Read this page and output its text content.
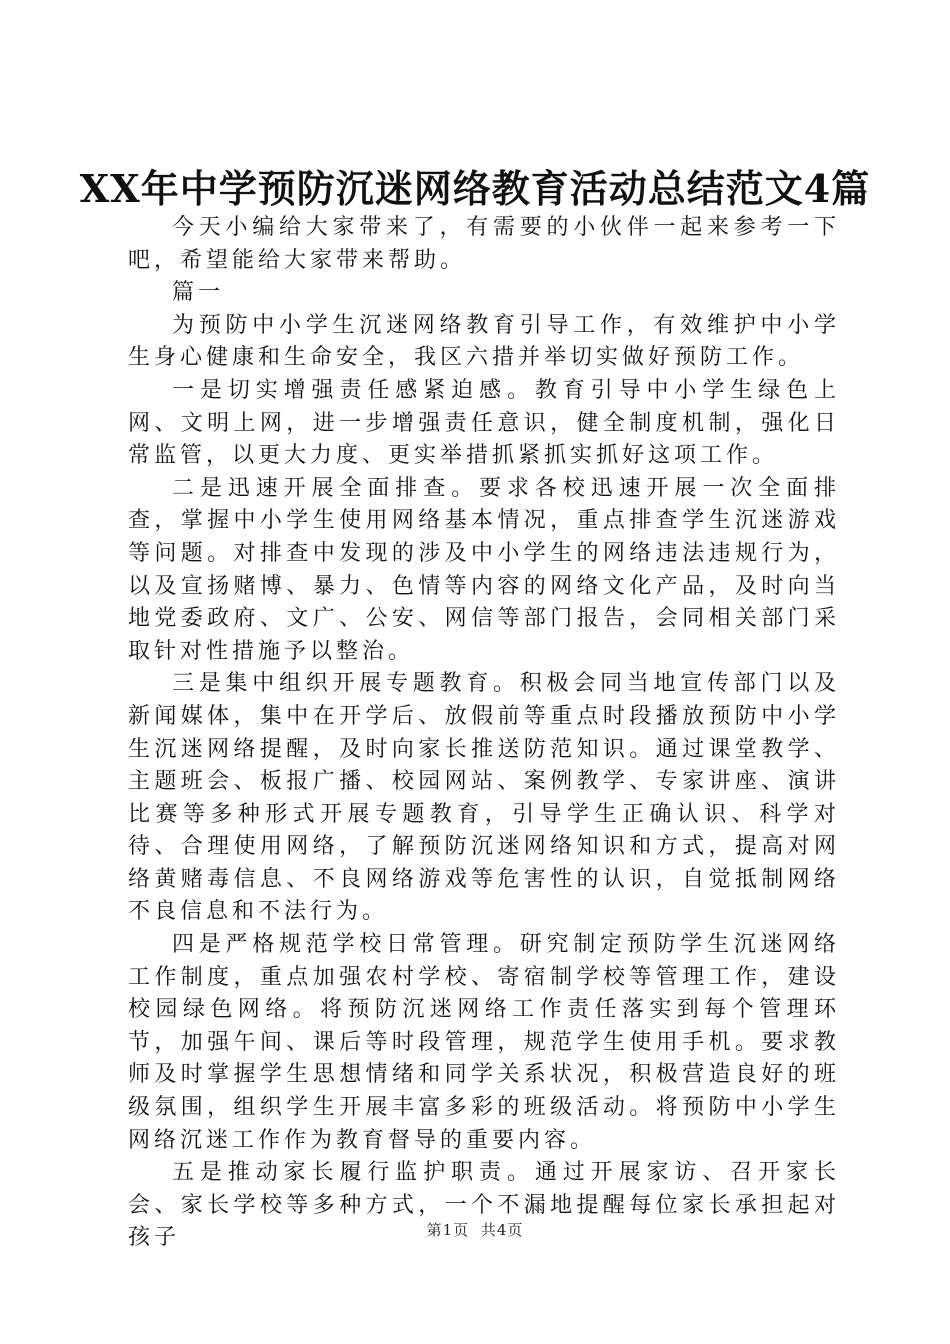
XX年中学预防沉迷网络教育活动总结范文4篇

今天小编给大家带来了，有需要的小伙伴一起来参考一下吧，希望能给大家带来帮助。

篇一

为预防中小学生沉迷网络教育引导工作，有效维护中小学生身心健康和生命安全，我区六措并举切实做好预防工作。

一是切实增强责任感紧迫感。教育引导中小学生绿色上网、文明上网，进一步增强责任意识，健全制度机制，强化日常监管，以更大力度、更实举措抓紧抓实抓好这项工作。

二是迅速开展全面排查。要求各校迅速开展一次全面排查，掌握中小学生使用网络基本情况，重点排查学生沉迷游戏等问题。对排查中发现的涉及中小学生的网络违法违规行为，以及宣扬赌博、暴力、色情等内容的网络文化产品，及时向当地党委政府、文广、公安、网信等部门报告，会同相关部门采取针对性措施予以整治。

三是集中组织开展专题教育。积极会同当地宣传部门以及新闻媒体，集中在开学后、放假前等重点时段播放预防中小学生沉迷网络提醒，及时向家长推送防范知识。通过课堂教学、主题班会、板报广播、校园网站、案例教学、专家讲座、演讲比赛等多种形式开展专题教育，引导学生正确认识、科学对待、合理使用网络，了解预防沉迷网络知识和方式，提高对网络黄赌毒信息、不良网络游戏等危害性的认识，自觉抵制网络不良信息和不法行为。

四是严格规范学校日常管理。研究制定预防学生沉迷网络工作制度，重点加强农村学校、寄宿制学校等管理工作，建设校园绿色网络。将预防沉迷网络工作责任落实到每个管理环节，加强午间、课后等时段管理，规范学生使用手机。要求教师及时掌握学生思想情绪和同学关系状况，积极营造良好的班级氛围，组织学生开展丰富多彩的班级活动。将预防中小学生网络沉迷工作作为教育督导的重要内容。

五是推动家长履行监护职责。通过开展家访、召开家长会、家长学校等多种方式，一个不漏地提醒每位家长承担起对孩子	第1页 共4页
